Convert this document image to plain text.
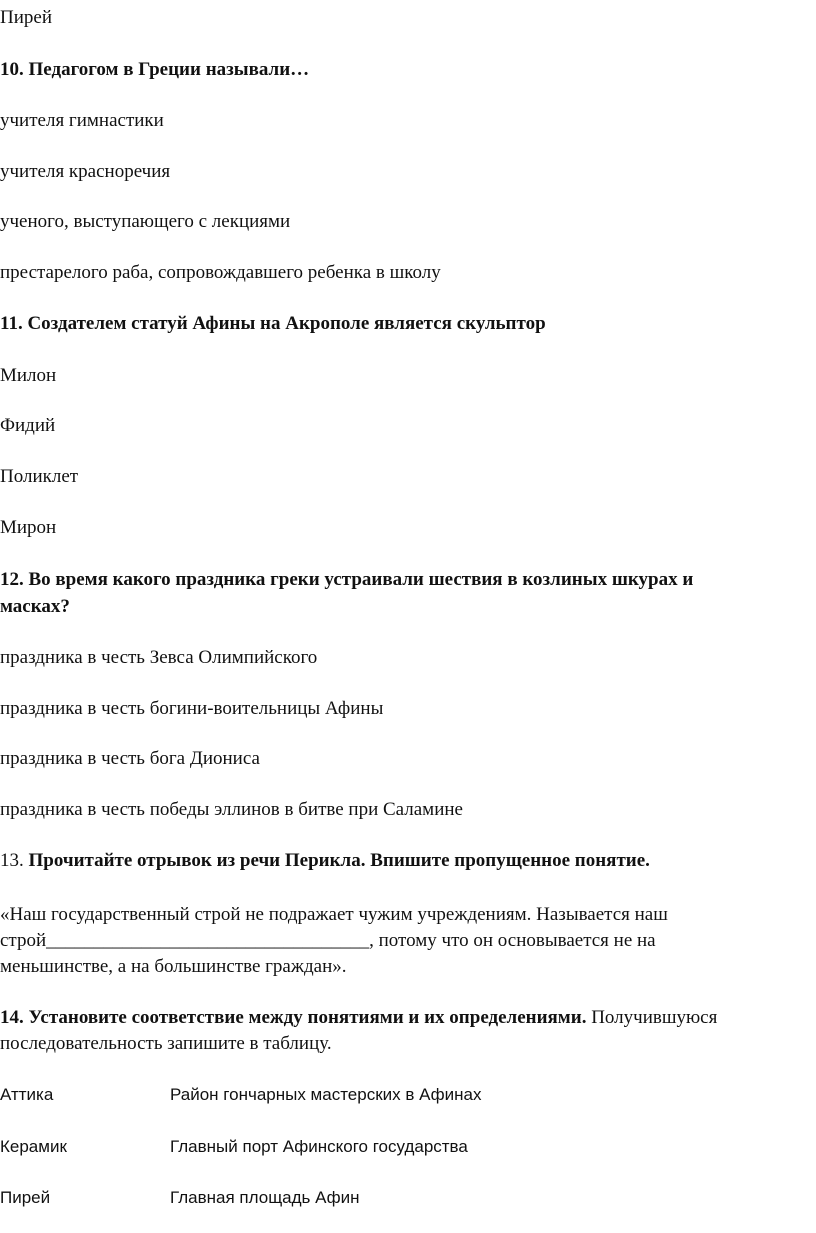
Пирей
10. Педагогом в Греции называли…
учителя гимнастики
учителя красноречия
ученого, выступающего с лекциями
престарелого раба, сопровождавшего ребенка в школу
11. Создателем статуй Афины на Акрополе является скульптор
Милон
Фидий
Поликлет
Мирон
12. Во время какого праздника греки устраивали шествия в козлиных шкурах и
масках?
праздника в честь Зевса Олимпийского
праздника в честь богини-воительницы Афины
праздника в честь бога Диониса
праздника в честь победы эллинов в битве при Саламине
13. Прочитайте отрывок из речи Перикла. Впишите пропущенное понятие.
«Наш государственный строй не подражает чужим учреждениям. Называется наш
строй__________________________________, потому что он основывается не на
меньшинстве, а на большинстве граждан».
14. Установите соответствие между понятиями и их определениями. Получившуюся
последовательность запишите в таблицу.
Аттика	Район гончарных мастерских в Афинах
Керамик	Главный порт Афинского государства
Пирей	Главная площадь Афин
